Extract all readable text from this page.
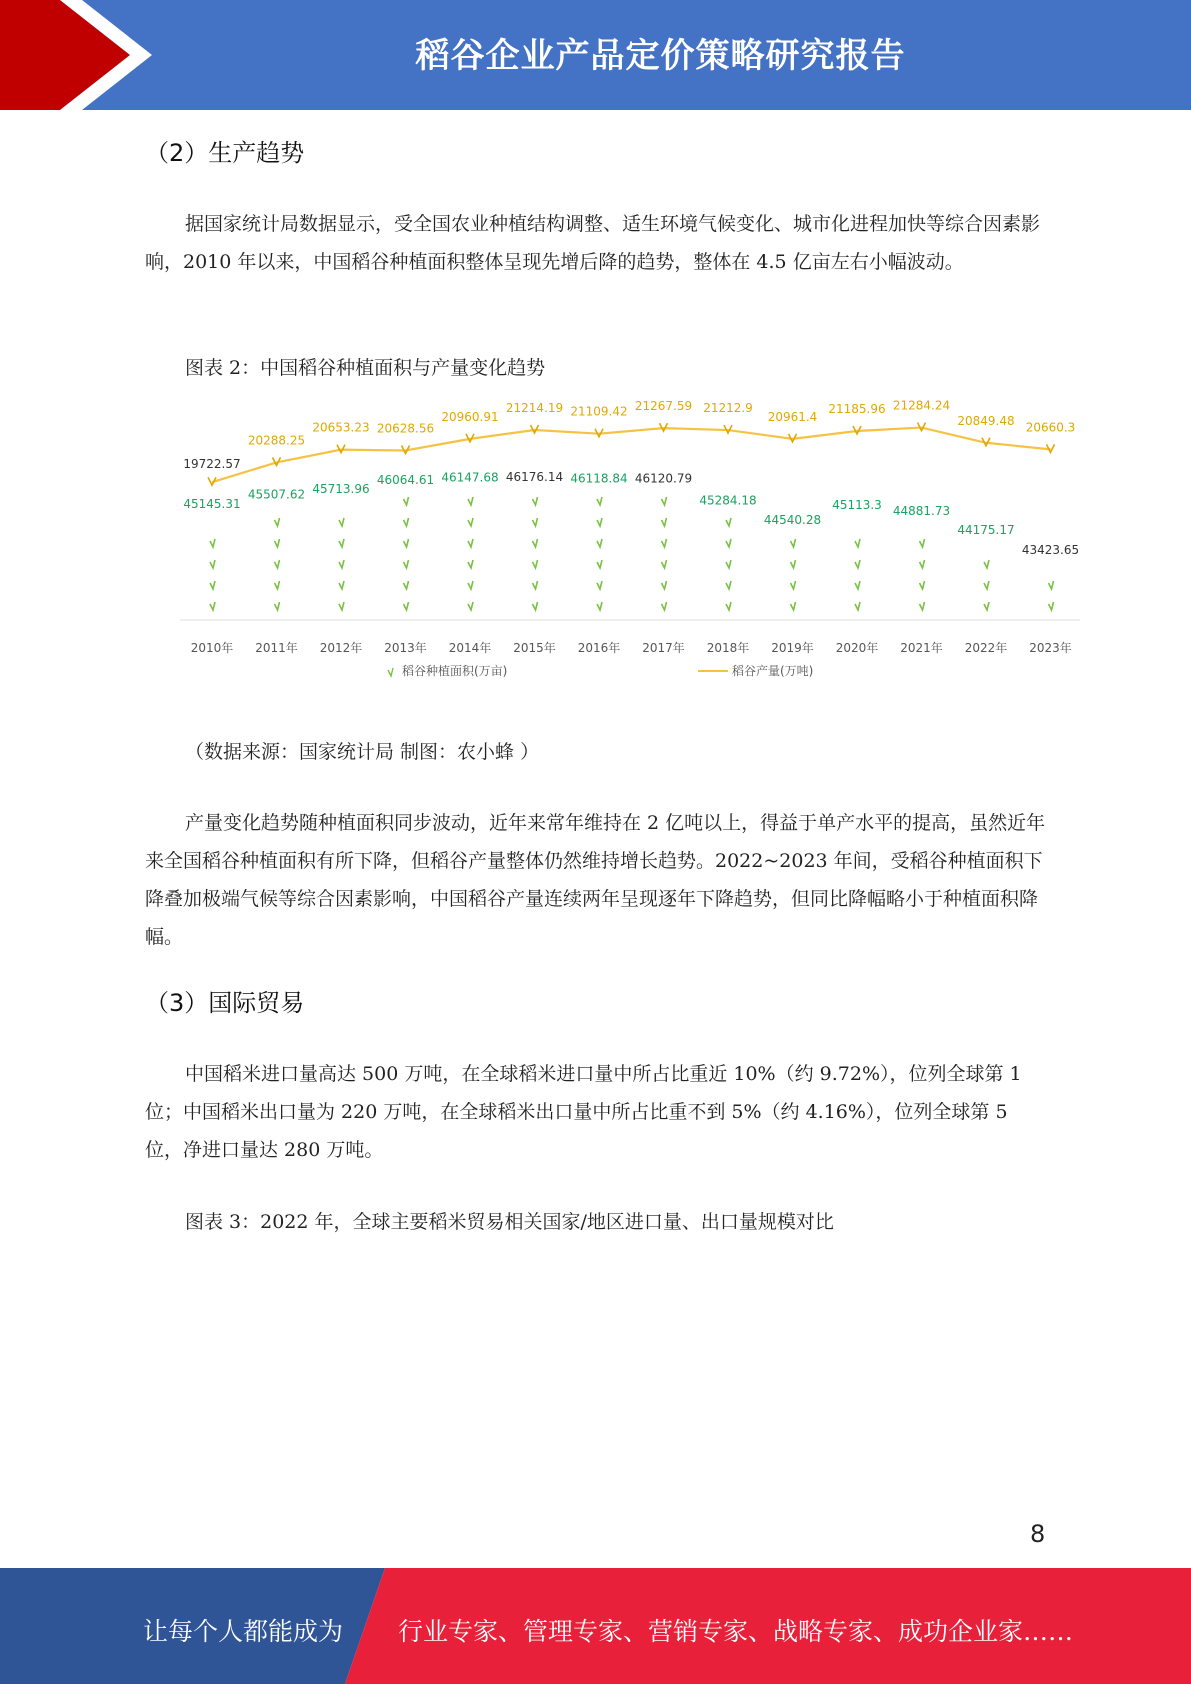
稻谷企业产品定价策略研究报告
（2）生产趋势
据国家统计局数据显示，受全国农业种植结构调整、适生环境气候变化、城市化进程加快等综合因素影响，2010 年以来，中国稻谷种植面积整体呈现先增后降的趋势，整体在 4.5 亿亩左右小幅波动。
图表 2：中国稻谷种植面积与产量变化趋势
45145.31
45507.62 45713.96
46064.61 46147.68 46176.14 46118.84 46120.79
45284.18
44540.28
45113.3 44881.73
44175.17
43423.65
19722.57
20288.25
20653.23 20628.56
20960.91
21214.19 21109.42 21267.59 21212.9
20961.4
21185.96 21284.24
20849.48 20660.3
2010年 2011年 2012年 2013年 2014年 2015年 2016年 2017年 2018年 2019年 2020年 2021年 2022年 2023年
稻谷种植面积(万亩)	稻谷产量(万吨)
（数据来源：国家统计局 制图：农小蜂 ）
产量变化趋势随种植面积同步波动，近年来常年维持在 2 亿吨以上，得益于单产水平的提高，虽然近年来全国稻谷种植面积有所下降，但稻谷产量整体仍然维持增长趋势。2022~2023 年间，受稻谷种植面积下降叠加极端气候等综合因素影响，中国稻谷产量连续两年呈现逐年下降趋势，但同比降幅略小于种植面积降幅。
（3）国际贸易
中国稻米进口量高达 500 万吨，在全球稻米进口量中所占比重近 10%（约 9.72%），位列全球第 1 位；中国稻米出口量为 220 万吨，在全球稻米出口量中所占比重不到 5%（约 4.16%），位列全球第 5 位，净进口量达 280 万吨。
图表 3：2022 年，全球主要稻米贸易相关国家/地区进口量、出口量规模对比
8
让每个人都能成为 行业专家、管理专家、营销专家、战略专家、成功企业家……
